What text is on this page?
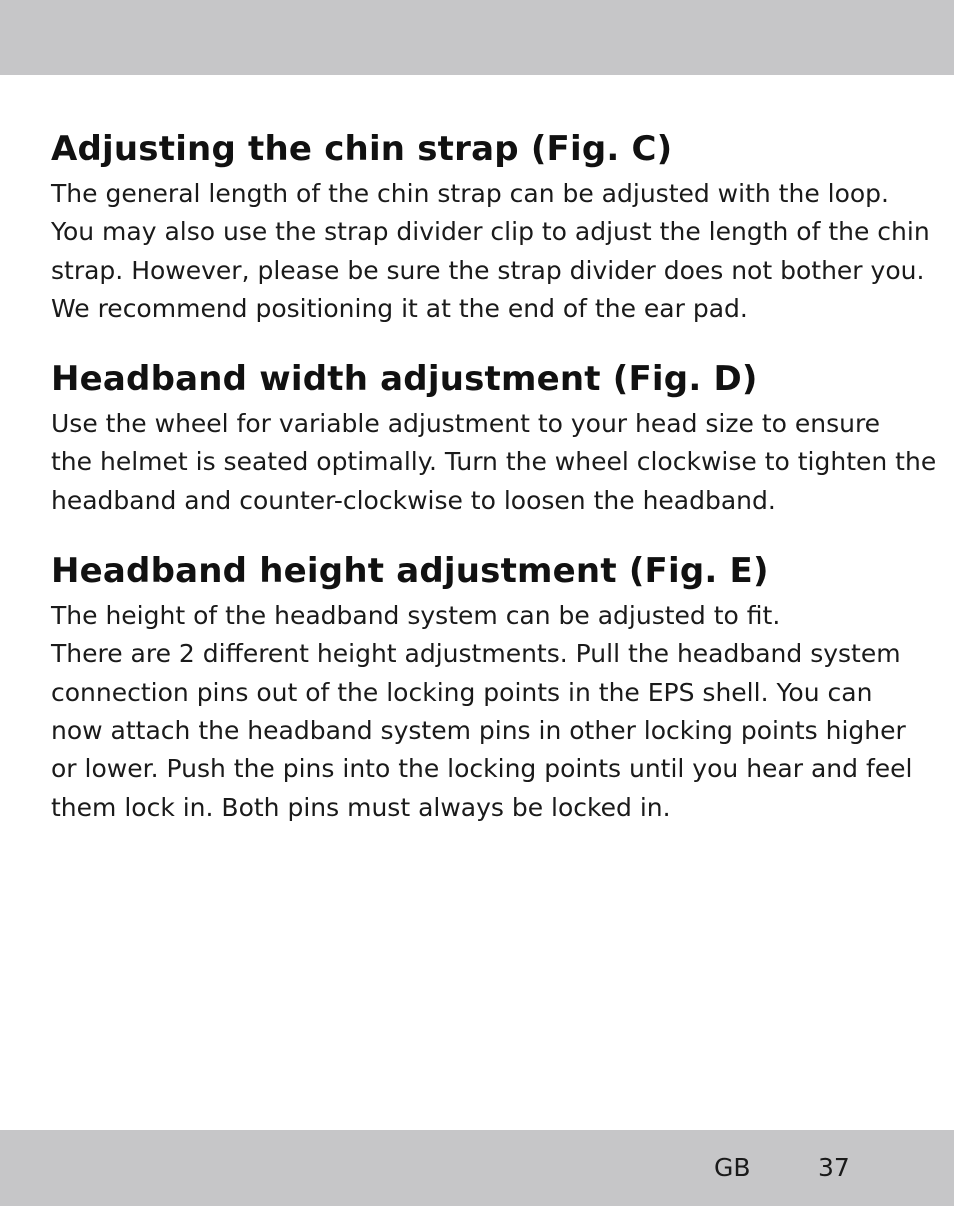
Adjusting the chin strap (Fig. C)

The general length of the chin strap can be adjusted with the loop.
You may also use the strap divider clip to adjust the length of the chin
strap. However, please be sure the strap divider does not bother you.
We recommend positioning it at the end of the ear pad.

Headband width adjustment (Fig. D)

Use the wheel for variable adjustment to your head size to ensure
the helmet is seated optimally. Turn the wheel clockwise to tighten the
headband and counter-clockwise to loosen the headband.

Headband height adjustment (Fig. E)

The height of the headband system can be adjusted to fit.
There are 2 different height adjustments. Pull the headband system
connection pins out of the locking points in the EPS shell. You can
now attach the headband system pins in other locking points higher
or lower. Push the pins into the locking points until you hear and feel
them lock in. Both pins must always be locked in.

GB	37
